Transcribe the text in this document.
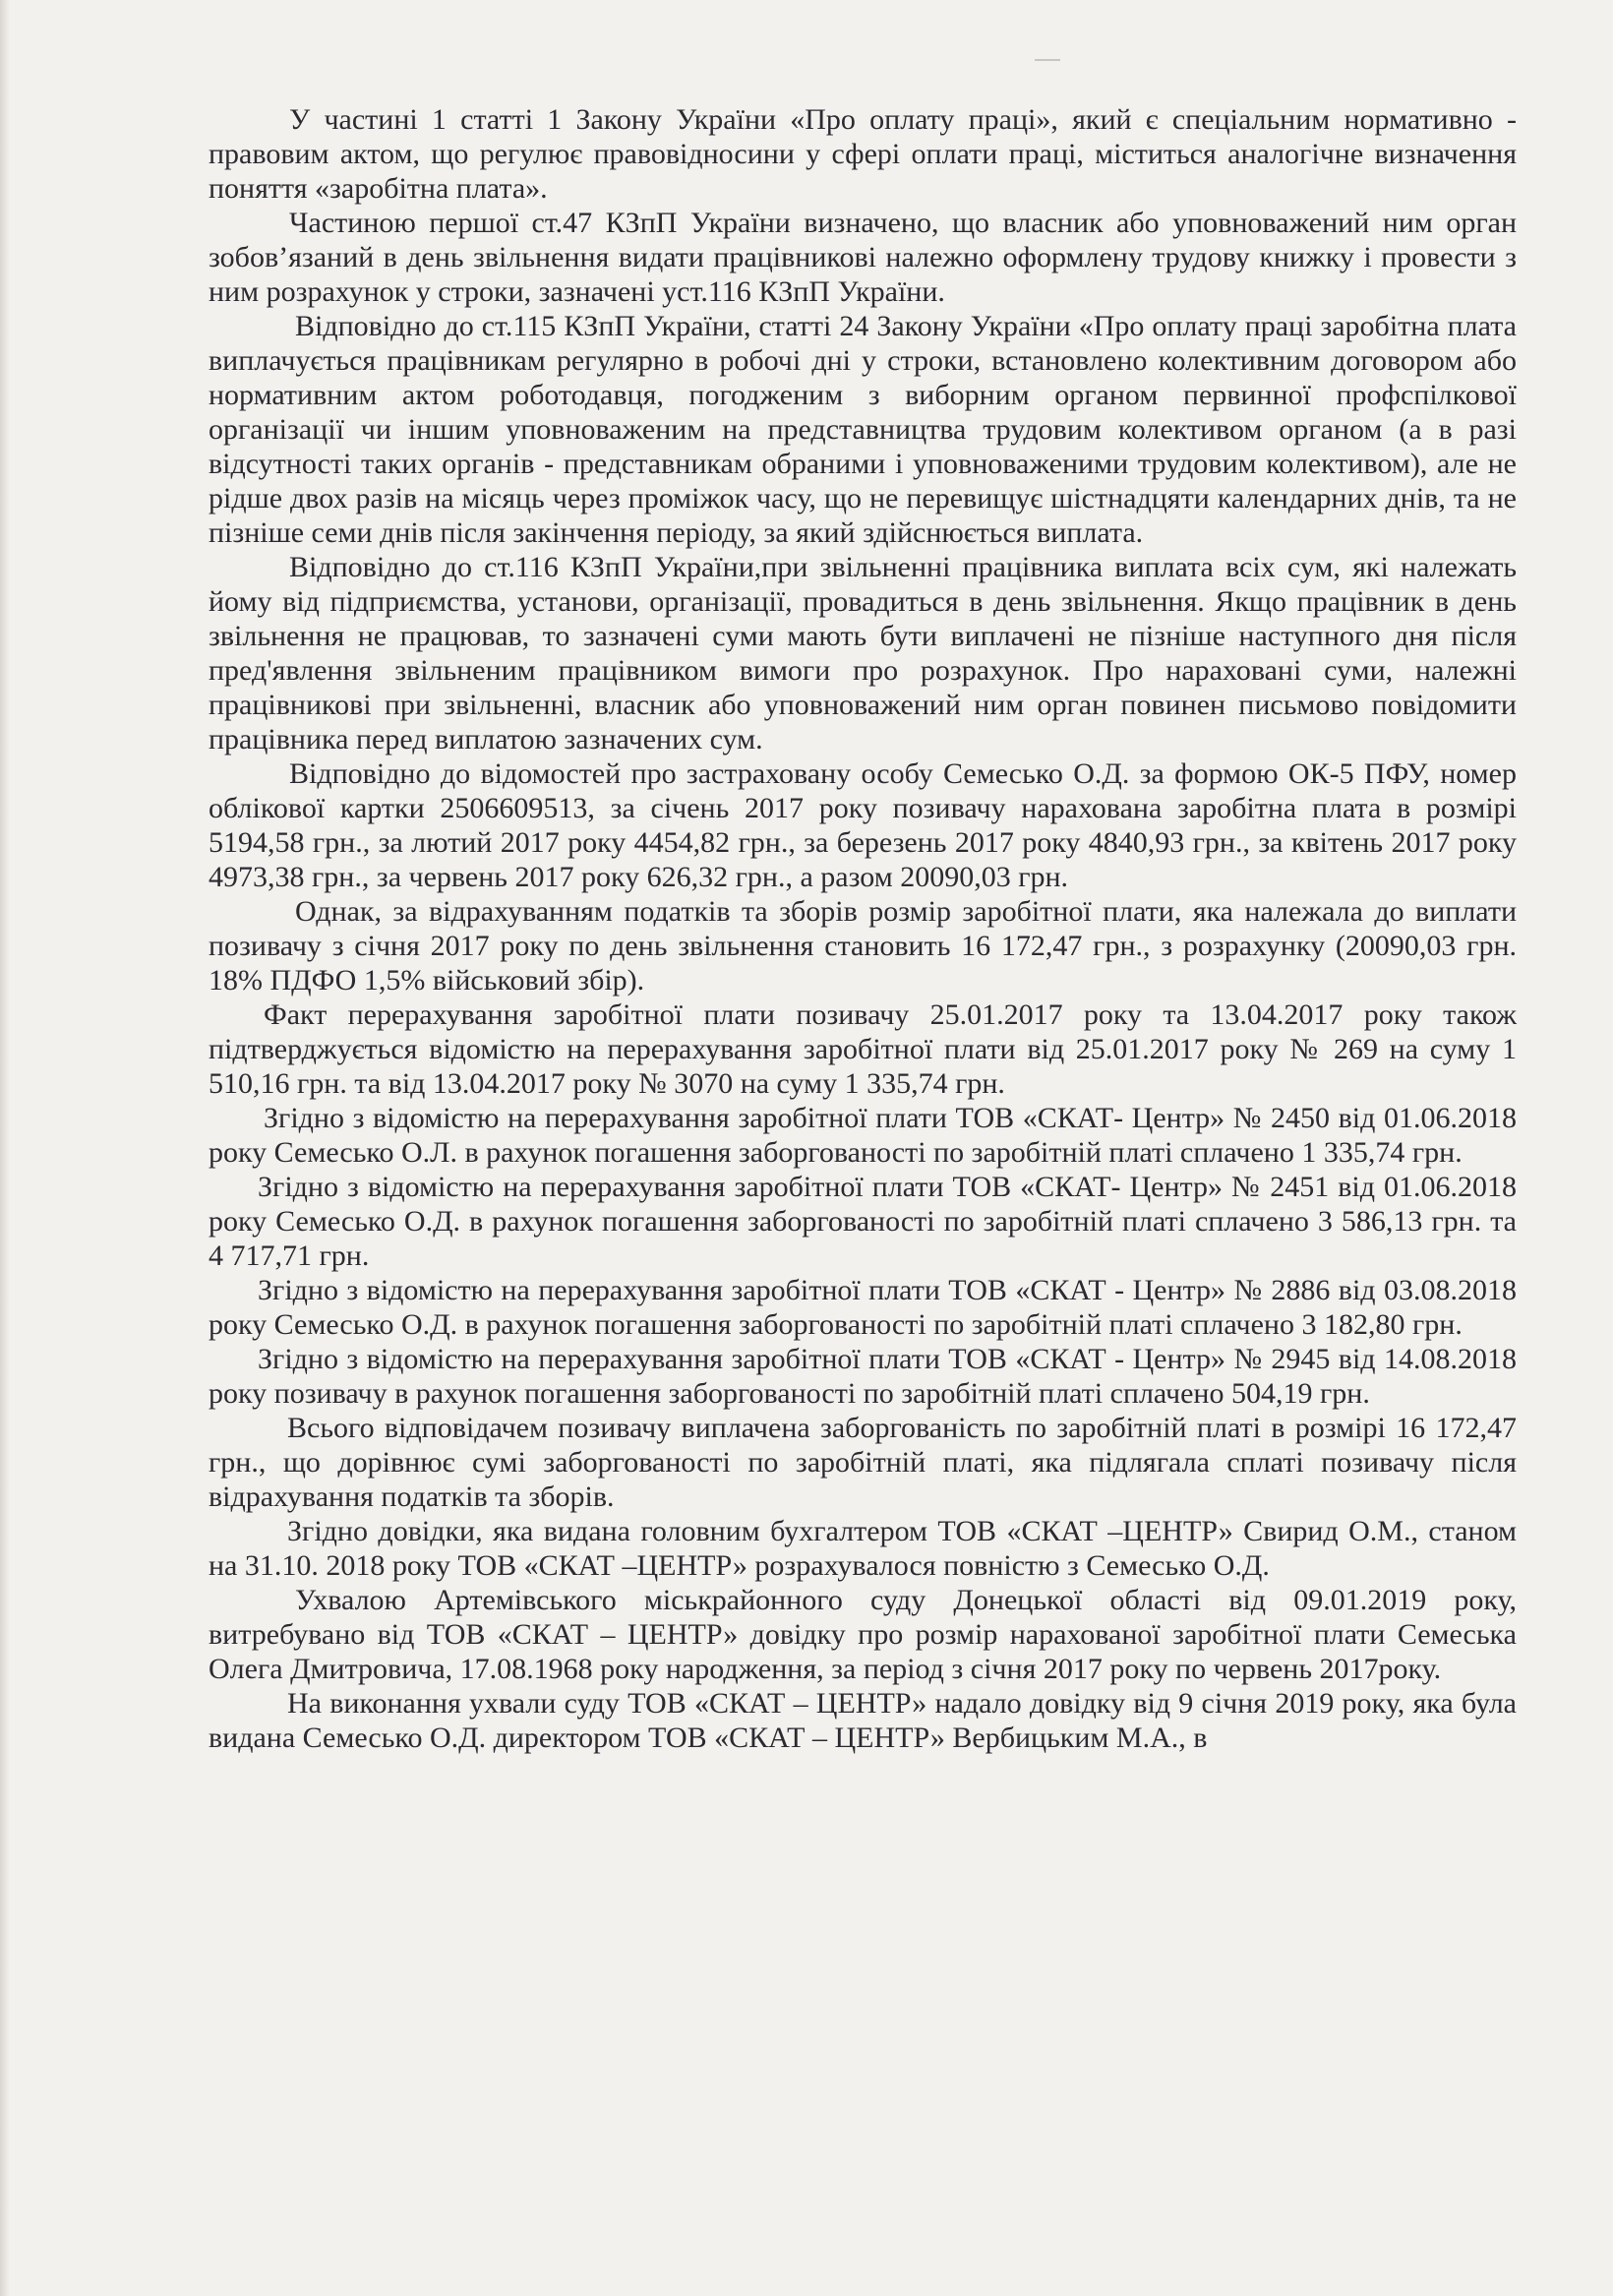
У частині 1 статті 1 Закону України «Про оплату праці», який є спеціальним нормативно - правовим актом, що регулює правовідносини у сфері оплати праці, міститься аналогічне визначення поняття «заробітна плата».

Частиною першої ст.47 КЗпП України визначено, що власник або уповноважений ним орган зобов’язаний в день звільнення видати працівникові належно оформлену трудову книжку і провести з ним розрахунок у строки, зазначені уст.116 КЗпП України.

Відповідно до ст.115 КЗпП України, статті 24 Закону України «Про оплату праці заробітна плата виплачується працівникам регулярно в робочі дні у строки, встановлено колективним договором або нормативним актом роботодавця, погодженим з виборним органом первинної профспілкової організації чи іншим уповноваженим на представництва трудовим колективом органом (а в разі відсутності таких органів - представникам обраними і уповноваженими трудовим колективом), але не рідше двох разів на місяць через проміжок часу, що не перевищує шістнадцяти календарних днів, та не пізніше семи днів після закінчення періоду, за який здійснюється виплата.

Відповідно до ст.116 КЗпП України,при звільненні працівника виплата всіх сум, які належать йому від підприємства, установи, організації, провадиться в день звільнення. Якщо працівник в день звільнення не працював, то зазначені суми мають бути виплачені не пізніше наступного дня після пред'явлення звільненим працівником вимоги про розрахунок. Про нараховані суми, належні працівникові при звільненні, власник або уповноважений ним орган повинен письмово повідомити працівника перед виплатою зазначених сум.

Відповідно до відомостей про застраховану особу Семесько О.Д. за формою ОК-5 ПФУ, номер облікової картки 2506609513, за січень 2017 року позивачу нарахована заробітна плата в розмірі 5194,58 грн., за лютий 2017 року 4454,82 грн., за березень 2017 року 4840,93 грн., за квітень 2017 року 4973,38 грн., за червень 2017 року 626,32 грн., а разом 20090,03 грн.

Однак, за відрахуванням податків та зборів розмір заробітної плати, яка належала до виплати позивачу з січня 2017 року по день звільнення становить 16 172,47 грн., з розрахунку (20090,03 грн. 18% ПДФО 1,5% військовий збір).

Факт перерахування заробітної плати позивачу 25.01.2017 року та 13.04.2017 року також підтверджується відомістю на перерахування заробітної плати від 25.01.2017 року № 269 на суму 1 510,16 грн. та від 13.04.2017 року № 3070 на суму 1 335,74 грн.

Згідно з відомістю на перерахування заробітної плати ТОВ «СКАТ- Центр» № 2450 від 01.06.2018 року Семесько О.Л. в рахунок погашення заборгованості по заробітній платі сплачено 1 335,74 грн.

Згідно з відомістю на перерахування заробітної плати ТОВ «СКАТ- Центр» № 2451 від 01.06.2018 року Семесько О.Д. в рахунок погашення заборгованості по заробітній платі сплачено 3 586,13 грн. та 4 717,71 грн.

Згідно з відомістю на перерахування заробітної плати ТОВ «СКАТ - Центр» № 2886 від 03.08.2018 року Семесько О.Д. в рахунок погашення заборгованості по заробітній платі сплачено 3 182,80 грн.

Згідно з відомістю на перерахування заробітної плати ТОВ «СКАТ - Центр» № 2945 від 14.08.2018 року позивачу в рахунок погашення заборгованості по заробітній платі сплачено 504,19 грн.

Всього відповідачем позивачу виплачена заборгованість по заробітній платі в розмірі 16 172,47 грн., що дорівнює сумі заборгованості по заробітній платі, яка підлягала сплаті позивачу після відрахування податків та зборів.

Згідно довідки, яка видана головним бухгалтером ТОВ «СКАТ –ЦЕНТР» Свирид О.М., станом на 31.10. 2018 року ТОВ «СКАТ –ЦЕНТР» розрахувалося повністю з Семесько О.Д.

Ухвалою Артемівського міськрайонного суду Донецької області від 09.01.2019 року, витребувано від ТОВ «СКАТ – ЦЕНТР» довідку про розмір нарахованої заробітної плати Семеська Олега Дмитровича, 17.08.1968 року народження, за період з січня 2017 року по червень 2017року.

На виконання ухвали суду ТОВ «СКАТ – ЦЕНТР» надало довідку від 9 січня 2019 року, яка була видана Семесько О.Д. директором ТОВ «СКАТ – ЦЕНТР» Вербицьким М.А., в
